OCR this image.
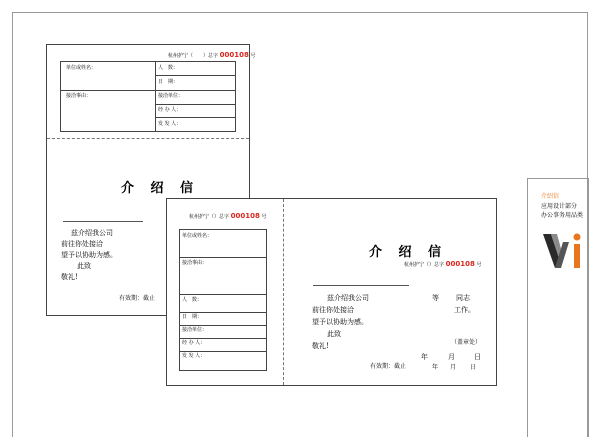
杭州护宁（ ）总字 000108 号
单位或姓名：	人　数：
日　期：
接洽事由：	接洽单位：
经 办 人：
发 发 人：
介 绍 信
兹介绍我公司
前往你处接洽
望予以协助为感。
此致
敬礼!
有效期：截止
杭州护宁（）总字 000108 号
单位或姓名：
接洽事由：
人　数：
日　期：
接洽单位：
经 办 人：
发 发 人：
介 绍 信
杭州护宁（）总字 000108 号
兹介绍我公司	等 同志
前往你处接洽	工作。
望予以协助为感。
此致
敬礼!	（盖章处）
年	月	日
有效期：截止	年 月 日
介绍信
应用设计部分
办公事务用品类
